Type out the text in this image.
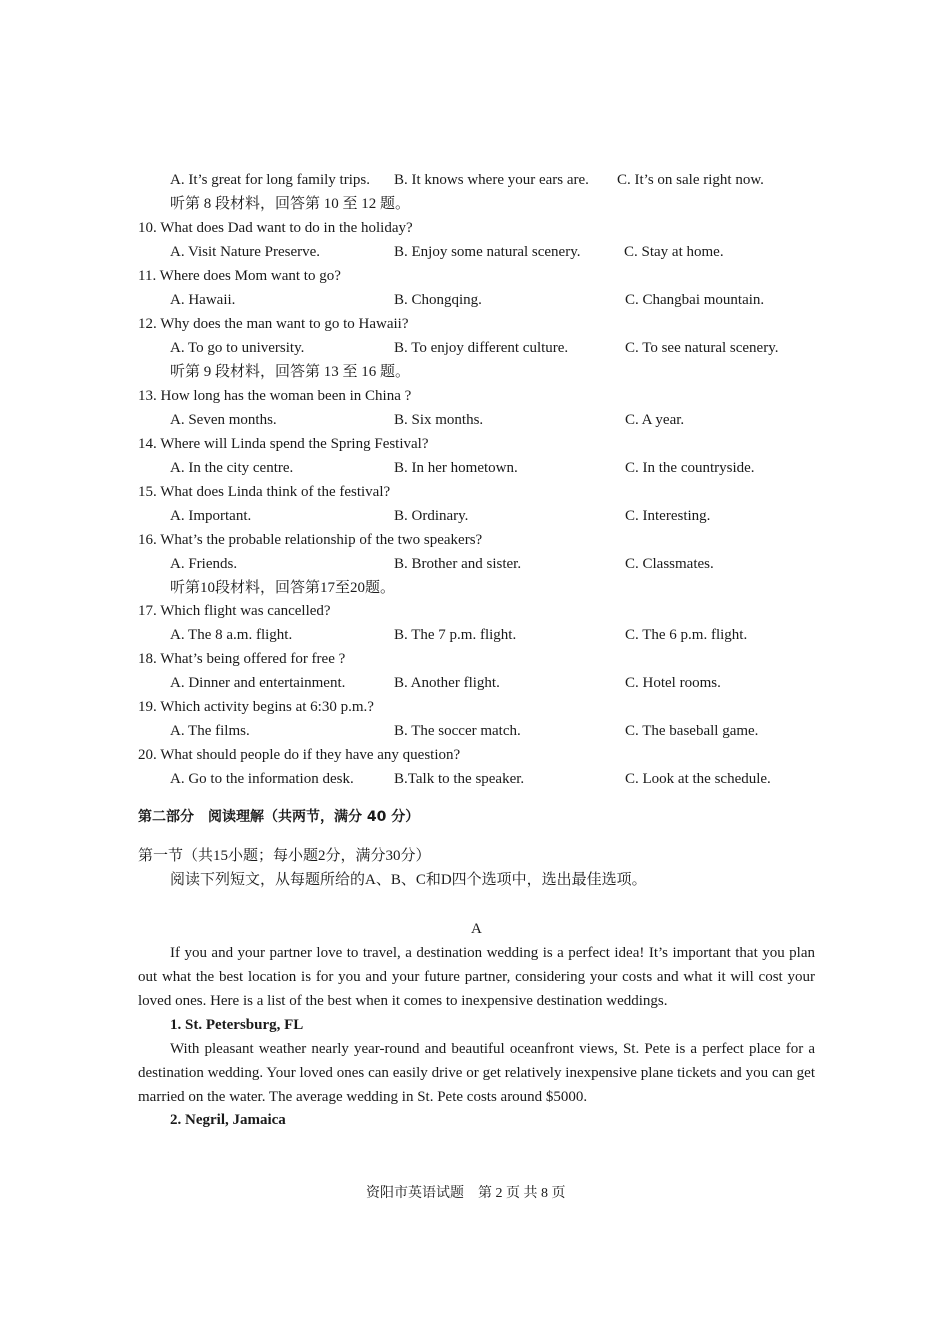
A. It’s great for long family trips. B. It knows where your ears are. C. It’s on sale right now.
听第 8 段材料，回答第 10 至 12 题。
10. What does Dad want to do in the holiday?
A. Visit Nature Preserve.	B. Enjoy some natural scenery.	C. Stay at home.
11. Where does Mom want to go?
A. Hawaii.	B. Chongqing.	C. Changbai mountain.
12. Why does the man want to go to Hawaii?
A. To go to university.	B. To enjoy different culture.	C. To see natural scenery.
听第 9 段材料，回答第 13 至 16 题。
13. How long has the woman been in China ?
A. Seven months.	B. Six months.	C. A year.
14. Where will Linda spend the Spring Festival?
A. In the city centre.	B. In her hometown.	C. In the countryside.
15. What does Linda think of the festival?
A. Important.	B. Ordinary.	C. Interesting.
16. What’s the probable relationship of the two speakers?
A. Friends.	B. Brother and sister.	C. Classmates.
听第10段材料，回答第17至20题。
17. Which flight was cancelled?
A. The 8 a.m. flight.	B. The 7 p.m. flight.	C. The 6 p.m. flight.
18. What’s being offered for free ?
A. Dinner and entertainment.	B. Another flight.	C. Hotel rooms.
19. Which activity begins at 6:30 p.m.?
A. The films.	B. The soccer match.	C. The baseball game.
20. What should people do if they have any question?
A. Go to the information desk.	B.Talk to the speaker.	C. Look at the schedule.
第二部分　阅读理解（共两节，满分 40 分）
第一节（共15小题；每小题2分，满分30分）
阅读下列短文，从每题所给的A、B、C和D四个选项中，选出最佳选项。
A
If you and your partner love to travel, a destination wedding is a perfect idea! It’s important that you plan out what the best location is for you and your future partner, considering your costs and what it will cost your loved ones. Here is a list of the best when it comes to inexpensive destination weddings.
1. St. Petersburg, FL
With pleasant weather nearly year-round and beautiful oceanfront views, St. Pete is a perfect place for a destination wedding. Your loved ones can easily drive or get relatively inexpensive plane tickets and you can get married on the water. The average wedding in St. Pete costs around $5000.
2. Negril, Jamaica
资阳市英语试题　第 2 页 共 8 页
